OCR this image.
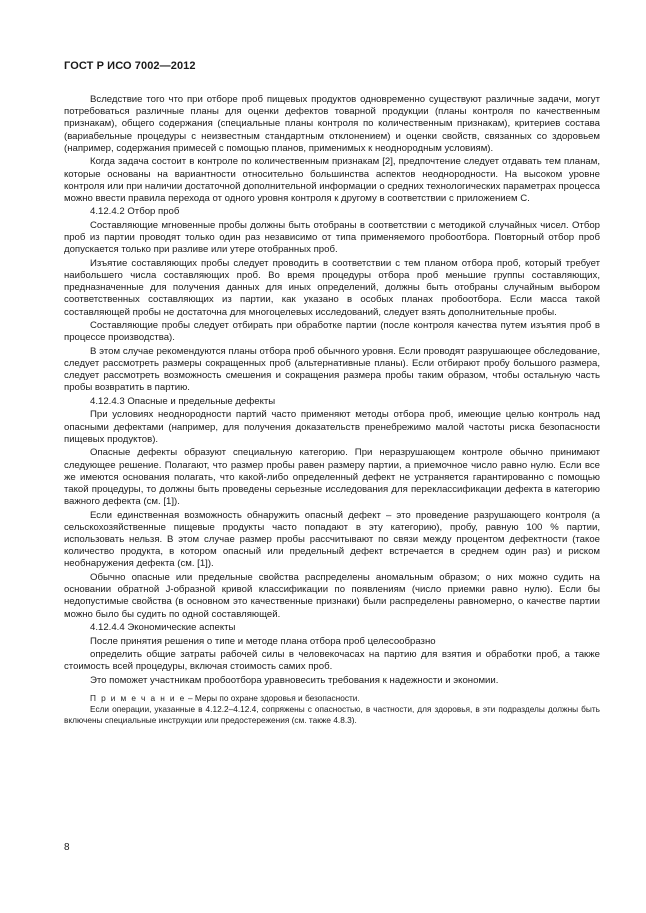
ГОСТ Р ИСО 7002—2012

Вследствие того что при отборе проб пищевых продуктов одновременно существуют различные задачи, могут потребоваться различные планы для оценки дефектов товарной продукции (планы контроля по качественным признакам), общего содержания (специальные планы контроля по количественным признакам), критериев состава (вариабельные процедуры с неизвестным стандартным отклонением) и оценки свойств, связанных со здоровьем (например, содержания примесей с помощью планов, применимых к неоднородным условиям).

Когда задача состоит в контроле по количественным признакам [2], предпочтение следует отдавать тем планам, которые основаны на вариантности относительно большинства аспектов неоднородности. На высоком уровне контроля или при наличии достаточной дополнительной информации о средних технологических параметрах процесса можно ввести правила перехода от одного уровня контроля к другому в соответствии с приложением С.

4.12.4.2 Отбор проб

Составляющие мгновенные пробы должны быть отобраны в соответствии с методикой случайных чисел. Отбор проб из партии проводят только один раз независимо от типа применяемого пробоотбора. Повторный отбор проб допускается только при разливе или утере отобранных проб.

Изъятие составляющих пробы следует проводить в соответствии с тем планом отбора проб, который требует наибольшего числа составляющих проб. Во время процедуры отбора проб меньшие группы составляющих, предназначенные для получения данных для иных определений, должны быть отобраны случайным выбором соответственных составляющих из партии, как указано в особых планах пробоотбора. Если масса такой составляющей пробы не достаточна для многоцелевых исследований, следует взять дополнительные пробы.

Составляющие пробы следует отбирать при обработке партии (после контроля качества путем изъятия проб в процессе производства).

В этом случае рекомендуются планы отбора проб обычного уровня. Если проводят разрушающее обследование, следует рассмотреть размеры сокращенных проб (альтернативные планы). Если отбирают пробу большого размера, следует рассмотреть возможность смешения и сокращения размера пробы таким образом, чтобы остальную часть пробы возвратить в партию.

4.12.4.3 Опасные и предельные дефекты

При условиях неоднородности партий часто применяют методы отбора проб, имеющие целью контроль над опасными дефектами (например, для получения доказательств пренебрежимо малой частоты риска безопасности пищевых продуктов).

Опасные дефекты образуют специальную категорию. При неразрушающем контроле обычно принимают следующее решение. Полагают, что размер пробы равен размеру партии, а приемочное число равно нулю. Если все же имеются основания полагать, что какой-либо определенный дефект не устраняется гарантированно с помощью такой процедуры, то должны быть проведены серьезные исследования для переклассификации дефекта в категорию важного дефекта (см. [1]).

Если единственная возможность обнаружить опасный дефект – это проведение разрушающего контроля (а сельскохозяйственные пищевые продукты часто попадают в эту категорию), пробу, равную 100 % партии, использовать нельзя. В этом случае размер пробы рассчитывают по связи между процентом дефектности (такое количество продукта, в котором опасный или предельный дефект встречается в среднем один раз) и риском необнаружения дефекта (см. [1]).

Обычно опасные или предельные свойства распределены аномальным образом; о них можно судить на основании обратной J-образной кривой классификации по появлениям (число приемки равно нулю). Если бы недопустимые свойства (в основном это качественные признаки) были распределены равномерно, о качестве партии можно было бы судить по одной составляющей.

4.12.4.4 Экономические аспекты

После принятия решения о типе и методе плана отбора проб целесообразно

определить общие затраты рабочей силы в человекочасах на партию для взятия и обработки проб, а также стоимость всей процедуры, включая стоимость самих проб.

Это поможет участникам пробоотбора уравновесить требования к надежности и экономии.

П р и м е ч а н и е – Меры по охране здоровья и безопасности.

Если операции, указанные в 4.12.2–4.12.4, сопряжены с опасностью, в частности, для здоровья, в эти подразделы должны быть включены специальные инструкции или предостережения (см. также 4.8.3).

8
